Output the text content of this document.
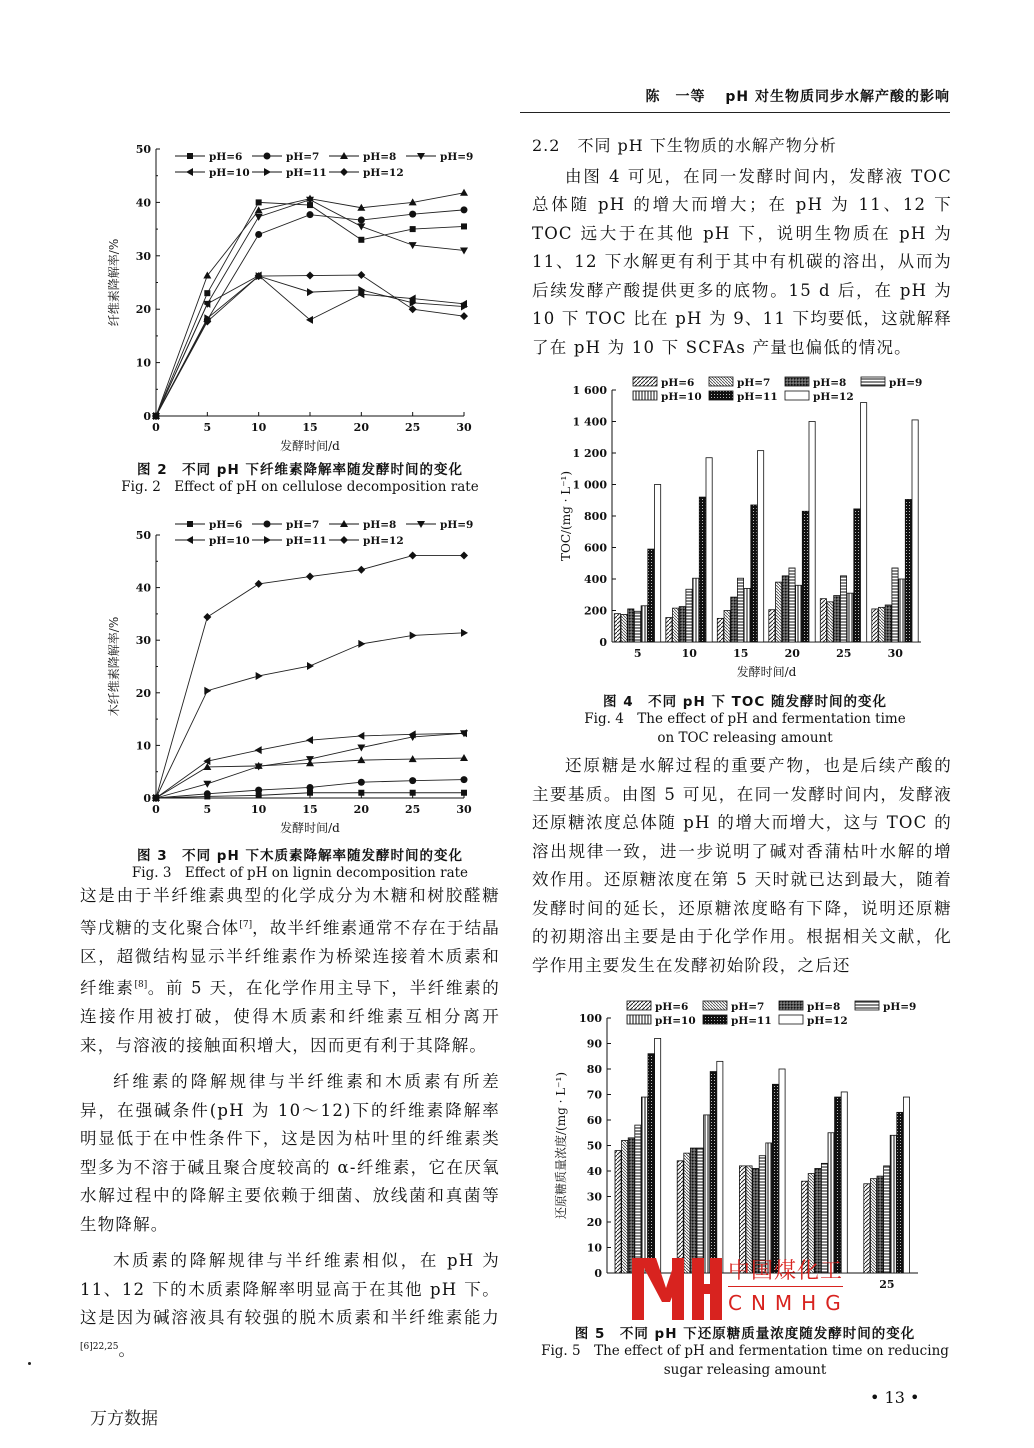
陈　一等 pH 对生物质同步水解产酸的影响
0
10
20
30
40
50
0	5	10	15	20	25	30
纤维素降解率/%
发酵时间/d
pH=6	pH=7	pH=8	pH=9
pH=10	pH=11	pH=12
图 2　不同 pH 下纤维素降解率随发酵时间的变化
Fig. 2　Effect of pH on cellulose decomposition rate
0
10
20
30
40
50
0	5	10	15	20	25	30
木纤维素降解率/%
发酵时间/d
pH=6	pH=7	pH=8	pH=9
pH=10	pH=11	pH=12
图 3　不同 pH 下木质素降解率随发酵时间的变化
Fig. 3　Effect of pH on lignin decomposition rate

这是由于半纤维素典型的化学成分为木糖和树胶醛糖等戊糖的支化聚合体[7]，故半纤维素通常不存在于结晶区，超微结构显示半纤维素作为桥梁连接着木质素和纤维素[8]。前 5 天，在化学作用主导下，半纤维素的连接作用被打破，使得木质素和纤维素互相分离开来，与溶液的接触面积增大，因而更有利于其降解。

纤维素的降解规律与半纤维素和木质素有所差异，在强碱条件(pH 为 10～12)下的纤维素降解率明显低于在中性条件下，这是因为枯叶里的纤维素类型多为不溶于碱且聚合度较高的 α-纤维素，它在厌氧水解过程中的降解主要依赖于细菌、放线菌和真菌等生物降解。

木质素的降解规律与半纤维素相似，在 pH 为 11、12 下的木质素降解率明显高于在其他 pH 下。这是因为碱溶液具有较强的脱木质素和半纤维素能力$^{[6]22,25}$。

万方数据
2.2　不同 pH 下生物质的水解产物分析

由图 4 可见，在同一发酵时间内，发酵液 TOC 总体随 pH 的增大而增大；在 pH 为 11、12 下 TOC 远大于在其他 pH 下，说明生物质在 pH 为 11、12 下水解更有利于其中有机碳的溶出，从而为后续发酵产酸提供更多的底物。15 d 后，在 pH 为 10 下 TOC 比在 pH 为 9、11 下均要低，这就解释了在 pH 为 10 下 SCFAs 产量也偏低的情况。

0
200
400
600
800
1 000
1 200
1 400
1 600
5	10	15	20	25	30
TOC/(mg · L⁻¹)
发酵时间/d
pH=6	pH=7	pH=8	pH=9
pH=10	pH=11	pH=12
图 4　不同 pH 下 TOC 随发酵时间的变化
Fig. 4　The effect of pH and fermentation time
on TOC releasing amount

还原糖是水解过程的重要产物，也是后续产酸的主要基质。由图 5 可见，在同一发酵时间内，发酵液还原糖浓度总体随 pH 的增大而增大，这与 TOC 的溶出规律一致，进一步说明了碱对香蒲枯叶水解的增效作用。还原糖浓度在第 5 天时就已达到最大，随着发酵时间的延长，还原糖浓度略有下降，说明还原糖的初期溶出主要是由于化学作用。根据相关文献，化学作用主要发生在发酵初始阶段，之后还

0
10
20
30
40
50
60
70
80
90
100
25
还原糖质量浓度/(mg · L⁻¹)
pH=6	pH=7	pH=8	pH=9
pH=10	pH=11	pH=12
中国煤化工
CNMHG
图 5　不同 pH 下还原糖质量浓度随发酵时间的变化
Fig. 5　The effect of pH and fermentation time on reducing
sugar releasing amount
• 13 •
